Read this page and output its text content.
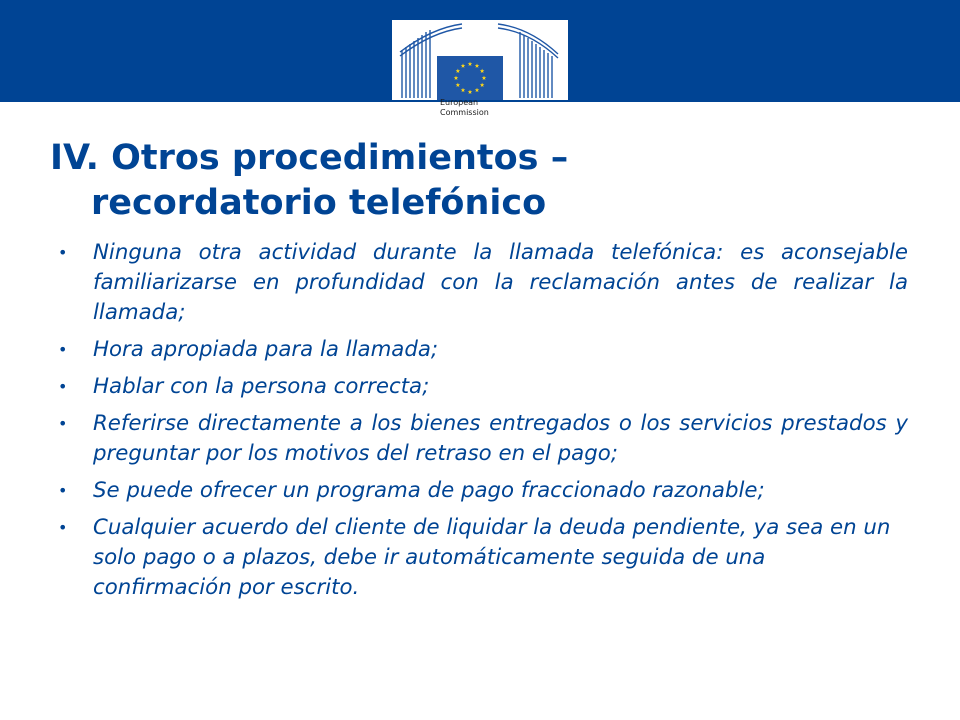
European
Commission
IV. Otros procedimientos –
recordatorio telefónico
• Ninguna otra actividad durante la llamada telefónica: es aconsejable familiarizarse en profundidad con la reclamación antes de realizar la llamada;
• Hora apropiada para la llamada;
• Hablar con la persona correcta;
• Referirse directamente a los bienes entregados o los servicios prestados y preguntar por los motivos del retraso en el pago;
• Se puede ofrecer un programa de pago fraccionado razonable;
• Cualquier acuerdo del cliente de liquidar la deuda pendiente, ya sea en un solo pago o a plazos, debe ir automáticamente seguida de una confirmación por escrito.
